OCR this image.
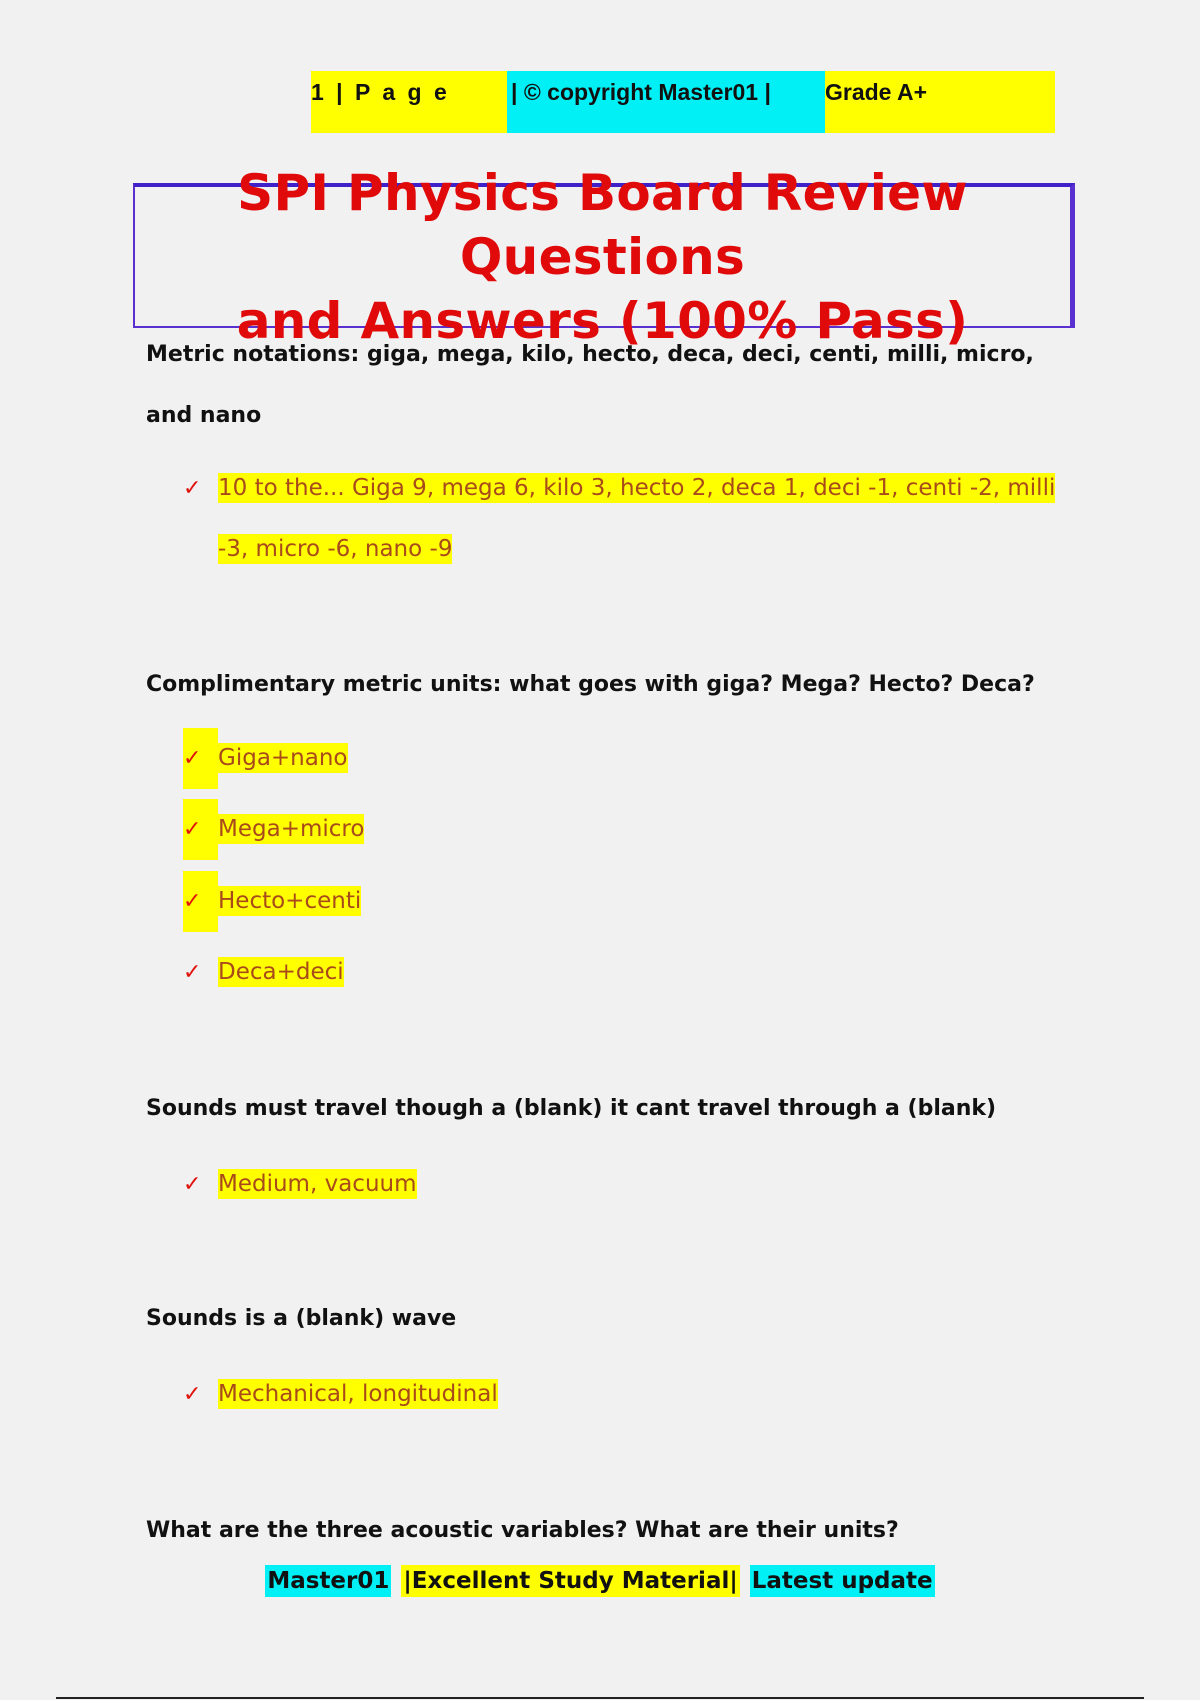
1 | P a g e	| © copyright Master01 |	Grade A+
SPI Physics Board Review Questions
and Answers (100% Pass)
Metric notations: giga, mega, kilo, hecto, deca, deci, centi, milli, micro, and nano
✓ 10 to the... Giga 9, mega 6, kilo 3, hecto 2, deca 1, deci -1, centi -2, milli -3, micro -6, nano -9
Complimentary metric units: what goes with giga? Mega? Hecto? Deca?
✓ Giga+nano
✓ Mega+micro
✓ Hecto+centi
✓ Deca+deci
Sounds must travel though a (blank) it cant travel through a (blank)
✓ Medium, vacuum
Sounds is a (blank) wave
✓ Mechanical, longitudinal
What are the three acoustic variables? What are their units?
Master01 |Excellent Study Material| Latest update
